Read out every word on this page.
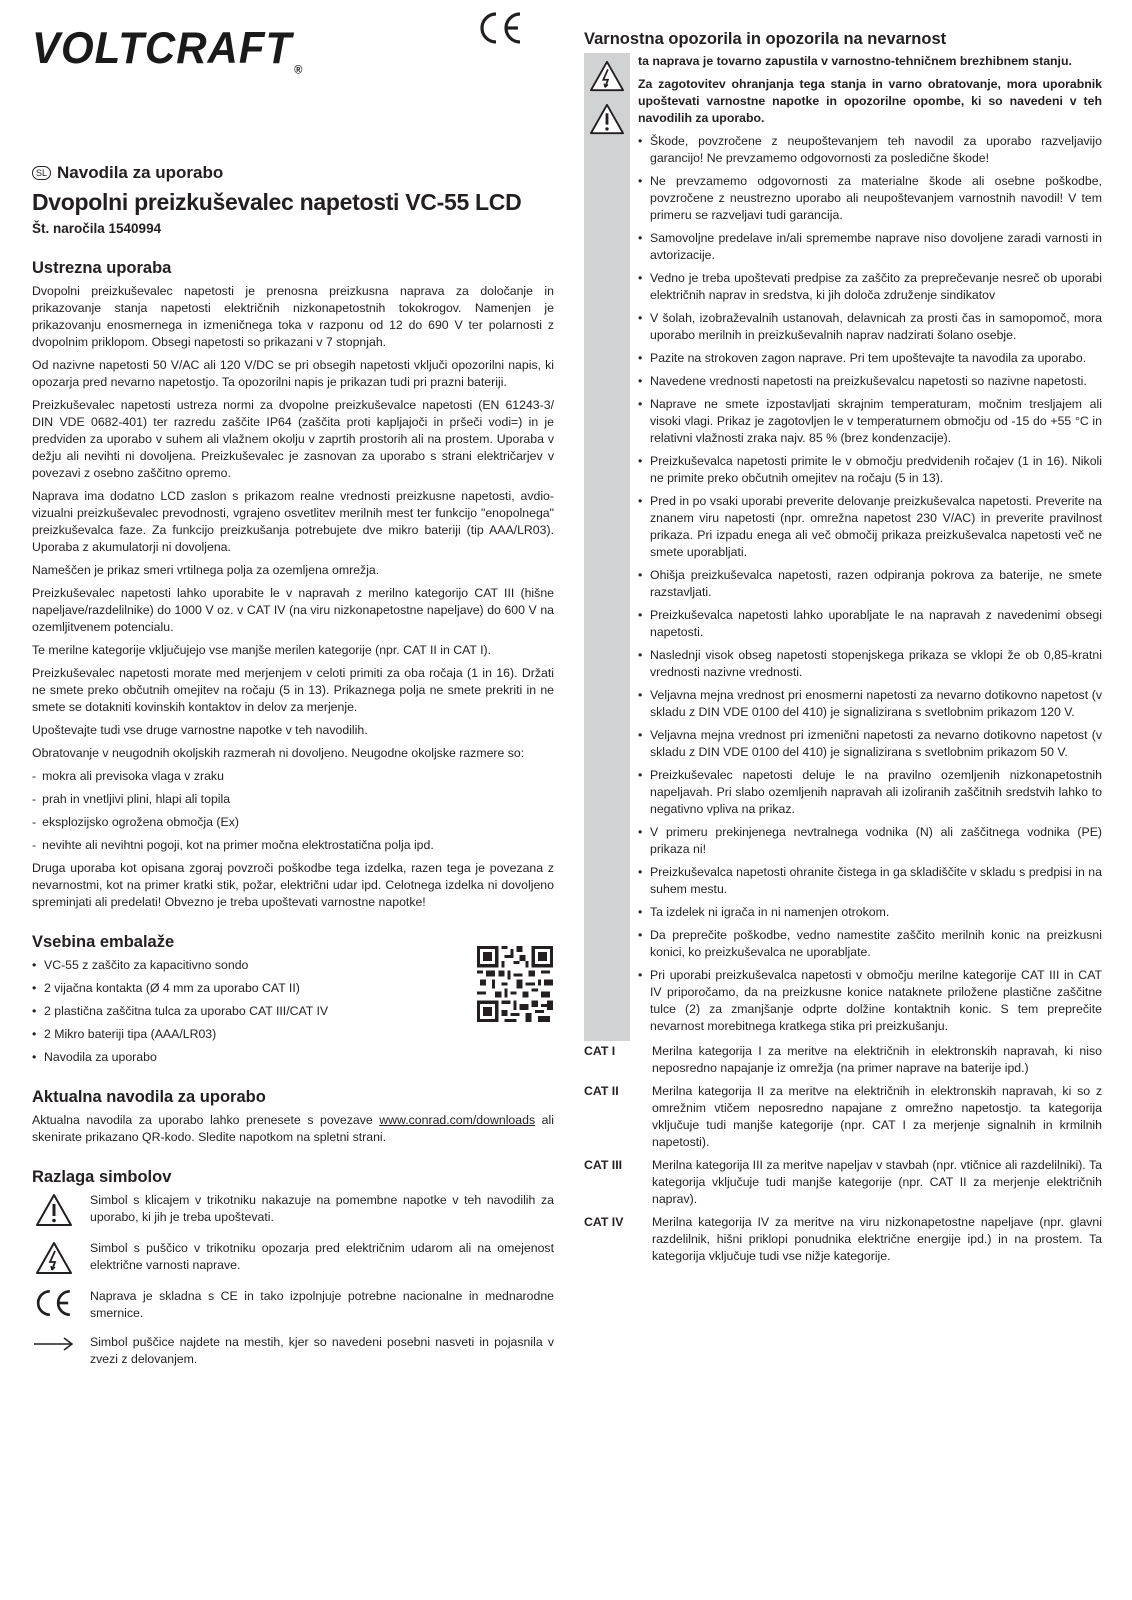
VOLTCRAFT ®
SL Navodila za uporabo
Dvopolni preizkuševalec napetosti VC-55 LCD

Št. naročila 1540994

Ustrezna uporaba

Dvopolni preizkuševalec napetosti je prenosna preizkusna naprava za določanje in prikazovanje stanja napetosti električnih nizkonapetostnih tokokrogov. Namenjen je prikazovanju enosmernega in izmeničnega toka v razponu od 12 do 690 V ter polarnosti z dvopolnim priklopom. Obsegi napetosti so prikazani v 7 stopnjah.

Od nazivne napetosti 50 V/AC ali 120 V/DC se pri obsegih napetosti vključi opozorilni napis, ki opozarja pred nevarno napetostjo. Ta opozorilni napis je prikazan tudi pri prazni bateriji.

Preizkuševalec napetosti ustreza normi za dvopolne preizkuševalce napetosti (EN 61243-3/ DIN VDE 0682-401) ter razredu zaščite IP64 (zaščita proti kapljajoči in pršeči vodi=) in je predviden za uporabo v suhem ali vlažnem okolju v zaprtih prostorih ali na prostem. Uporaba v dežju ali nevihti ni dovoljena. Preizkuševalec je zasnovan za uporabo s strani električarjev v povezavi z osebno zaščitno opremo.

Naprava ima dodatno LCD zaslon s prikazom realne vrednosti preizkusne napetosti, avdio-vizualni preizkuševalec prevodnosti, vgrajeno osvetlitev merilnih mest ter funkcijo "enopolnega" preizkuševalca faze. Za funkcijo preizkušanja potrebujete dve mikro bateriji (tip AAA/LR03). Uporaba z akumulatorji ni dovoljena.

Nameščen je prikaz smeri vrtilnega polja za ozemljena omrežja.

Preizkuševalec napetosti lahko uporabite le v napravah z merilno kategorijo CAT III (hišne napeljave/razdelilnike) do 1000 V oz. v CAT IV (na viru nizkonapetostne napeljave) do 600 V na ozemljitvenem potencialu.

Te merilne kategorije vključujejo vse manjše merilen kategorije (npr. CAT II in CAT I).

Preizkuševalec napetosti morate med merjenjem v celoti primiti za oba ročaja (1 in 16). Držati ne smete preko občutnih omejitev na ročaju (5 in 13). Prikaznega polja ne smete prekriti in ne smete se dotakniti kovinskih kontaktov in delov za merjenje.

Upoštevajte tudi vse druge varnostne napotke v teh navodilih.

Obratovanje v neugodnih okoljskih razmerah ni dovoljeno. Neugodne okoljske razmere so:

- mokra ali previsoka vlaga v zraku
- prah in vnetljivi plini, hlapi ali topila
- eksplozijsko ogrožena območja (Ex)
- nevihte ali nevihtni pogoji, kot na primer močna elektrostatična polja ipd.

Druga uporaba kot opisana zgoraj povzroči poškodbe tega izdelka, razen tega je povezana z nevarnostmi, kot na primer kratki stik, požar, električni udar ipd. Celotnega izdelka ni dovoljeno spreminjati ali predelati! Obvezno je treba upoštevati varnostne napotke!

Vsebina embalaže
• VC-55 z zaščito za kapacitivno sondo
• 2 vijačna kontakta (Ø 4 mm za uporabo CAT II)
• 2 plastična zaščitna tulca za uporabo CAT III/CAT IV
• 2 Mikro bateriji tipa (AAA/LR03)
• Navodila za uporabo
Aktualna navodila za uporabo

Aktualna navodila za uporabo lahko prenesete s povezave www.conrad.com/downloads ali skenirate prikazano QR-kodo. Sledite napotkom na spletni strani.

Razlaga simbolov

Simbol s klicajem v trikotniku nakazuje na pomembne napotke v teh navodilih za uporabo, ki jih je treba upoštevati.

Simbol s puščico v trikotniku opozarja pred električnim udarom ali na omejenost električne varnosti naprave.

Naprava je skladna s CE in tako izpolnjuje potrebne nacionalne in mednarodne smernice.

Simbol puščice najdete na mestih, kjer so navedeni posebni nasveti in pojasnila v zvezi z delovanjem.

Varnostna opozorila in opozorila na nevarnost

ta naprava je tovarno zapustila v varnostno-tehničnem brezhibnem stanju.

Za zagotovitev ohranjanja tega stanja in varno obratovanje, mora uporabnik upoštevati varnostne napotke in opozorilne opombe, ki so navedeni v teh navodilih za uporabo.

• Škode, povzročene z neupoštevanjem teh navodil za uporabo razveljavijo garancijo! Ne prevzamemo odgovornosti za posledične škode!
• Ne prevzamemo odgovornosti za materialne škode ali osebne poškodbe, povzročene z neustrezno uporabo ali neupoštevanjem varnostnih navodil! V tem primeru se razveljavi tudi garancija.
• Samovoljne predelave in/ali spremembe naprave niso dovoljene zaradi varnosti in avtorizacije.
• Vedno je treba upoštevati predpise za zaščito za preprečevanje nesreč ob uporabi električnih naprav in sredstva, ki jih določa združenje sindikatov
• V šolah, izobraževalnih ustanovah, delavnicah za prosti čas in samopomoč, mora uporabo merilnih in preizkuševalnih naprav nadzirati šolano osebje.
• Pazite na strokoven zagon naprave. Pri tem upoštevajte ta navodila za uporabo.
• Navedene vrednosti napetosti na preizkuševalcu napetosti so nazivne napetosti.
• Naprave ne smete izpostavljati skrajnim temperaturam, močnim tresljajem ali visoki vlagi. Prikaz je zagotovljen le v temperaturnem območju od -15 do +55 °C in relativni vlažnosti zraka najv. 85 % (brez kondenzacije).
• Preizkuševalca napetosti primite le v območju predvidenih ročajev (1 in 16). Nikoli ne primite preko občutnih omejitev na ročaju (5 in 13).
• Pred in po vsaki uporabi preverite delovanje preizkuševalca napetosti. Preverite na znanem viru napetosti (npr. omrežna napetost 230 V/AC) in preverite pravilnost prikaza. Pri izpadu enega ali več območij prikaza preizkuševalca napetosti več ne smete uporabljati.
• Ohišja preizkuševalca napetosti, razen odpiranja pokrova za baterije, ne smete razstavljati.
• Preizkuševalca napetosti lahko uporabljate le na napravah z navedenimi obsegi napetosti.
• Naslednji visok obseg napetosti stopenjskega prikaza se vklopi že ob 0,85-kratni vrednosti nazivne vrednosti.
• Veljavna mejna vrednost pri enosmerni napetosti za nevarno dotikovno napetost (v skladu z DIN VDE 0100 del 410) je signalizirana s svetlobnim prikazom 120 V.
• Veljavna mejna vrednost pri izmenični napetosti za nevarno dotikovno napetost (v skladu z DIN VDE 0100 del 410) je signalizirana s svetlobnim prikazom 50 V.
• Preizkuševalec napetosti deluje le na pravilno ozemljenih nizkonapetostnih napeljavah. Pri slabo ozemljenih napravah ali izoliranih zaščitnih sredstvih lahko to negativno vpliva na prikaz.
• V primeru prekinjenega nevtralnega vodnika (N) ali zaščitnega vodnika (PE) prikaza ni!
• Preizkuševalca napetosti ohranite čistega in ga skladiščite v skladu s predpisi in na suhem mestu.
• Ta izdelek ni igrača in ni namenjen otrokom.
• Da preprečite poškodbe, vedno namestite zaščito merilnih konic na preizkusni konici, ko preizkuševalca ne uporabljate.
• Pri uporabi preizkuševalca napetosti v območju merilne kategorije CAT III in CAT IV priporočamo, da na preizkusne konice nataknete priložene plastične zaščitne tulce (2) za zmanjšanje odprte dolžine kontaktnih konic. S tem preprečite nevarnost morebitnega kratkega stika pri preizkušanju.
CAT I	Merilna kategorija I za meritve na električnih in elektronskih napravah, ki niso neposredno napajanje iz omrežja (na primer naprave na baterije ipd.)
CAT II	Merilna kategorija II za meritve na električnih in elektronskih napravah, ki so z omrežnim vtičem neposredno napajane z omrežno napetostjo. ta kategorija vključuje tudi manjše kategorije (npr. CAT I za merjenje signalnih in krmilnih napetosti).
CAT III	Merilna kategorija III za meritve napeljav v stavbah (npr. vtičnice ali razdelilniki). Ta kategorija vključuje tudi manjše kategorije (npr. CAT II za merjenje električnih naprav).
CAT IV	Merilna kategorija IV za meritve na viru nizkonapetostne napeljave (npr. glavni razdelilnik, hišni priklopi ponudnika električne energije ipd.) in na prostem. Ta kategorija vključuje tudi vse nižje kategorije.
